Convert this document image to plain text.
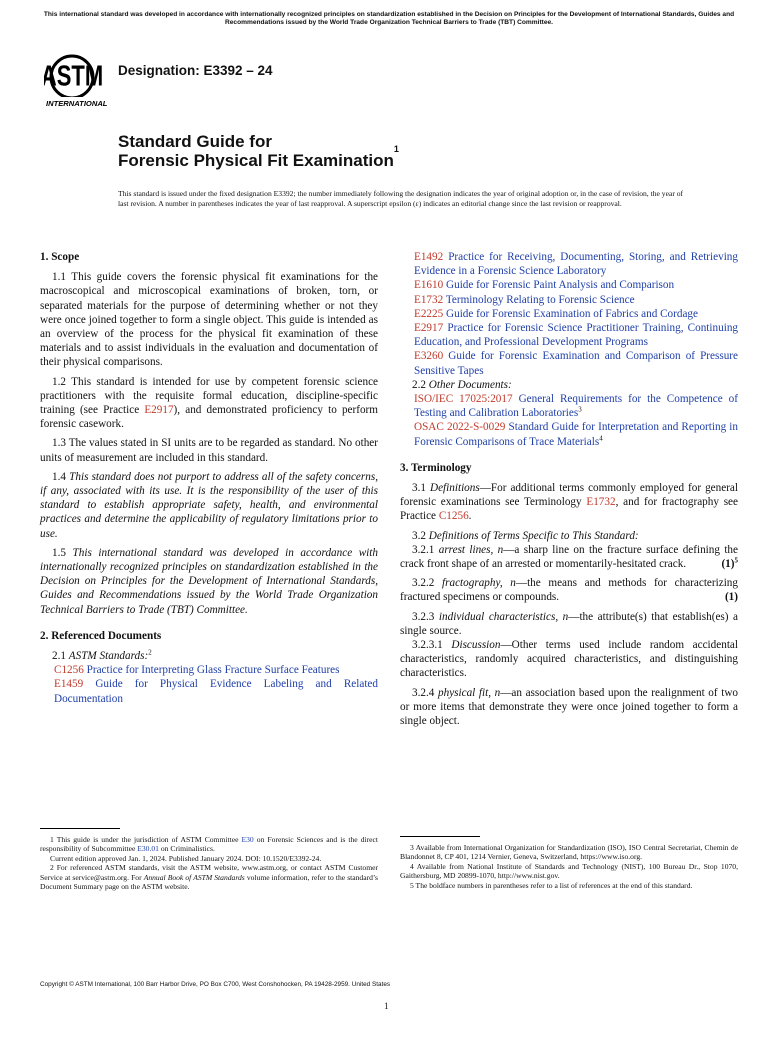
This international standard was developed in accordance with internationally recognized principles on standardization established in the Decision on Principles for the Development of International Standards, Guides and Recommendations issued by the World Trade Organization Technical Barriers to Trade (TBT) Committee.
ASTM
INTERNATIONAL
Designation: E3392 – 24
Standard Guide for
Forensic Physical Fit Examination$^1$
This standard is issued under the fixed designation E3392; the number immediately following the designation indicates the year of original adoption or, in the case of revision, the year of last revision. A number in parentheses indicates the year of last reapproval. A superscript epsilon (ε) indicates an editorial change since the last revision or reapproval.
1. Scope

1.1 This guide covers the forensic physical fit examinations for the macroscopical and microscopical examinations of broken, torn, or separated materials for the purpose of determining whether or not they were once joined together to form a single object. This guide is intended as an overview of the process for the physical fit examination of these materials and to assist individuals in the evaluation and documentation of their physical comparisons.

1.2 This standard is intended for use by competent forensic science practitioners with the requisite formal education, discipline-specific training (see Practice E2917), and demonstrated proficiency to perform forensic casework.

1.3 The values stated in SI units are to be regarded as standard. No other units of measurement are included in this standard.

1.4 This standard does not purport to address all of the safety concerns, if any, associated with its use. It is the responsibility of the user of this standard to establish appropriate safety, health, and environmental practices and determine the applicability of regulatory limitations prior to use.

1.5 This international standard was developed in accordance with internationally recognized principles on standardization established in the Decision on Principles for the Development of International Standards, Guides and Recommendations issued by the World Trade Organization Technical Barriers to Trade (TBT) Committee.

2. Referenced Documents

2.1 ASTM Standards:$^2$

C1256 Practice for Interpreting Glass Fracture Surface Features
E1459 Guide for Physical Evidence Labeling and Related Documentation
E1492 Practice for Receiving, Documenting, Storing, and Retrieving Evidence in a Forensic Science Laboratory
E1610 Guide for Forensic Paint Analysis and Comparison
E1732 Terminology Relating to Forensic Science
E2225 Guide for Forensic Examination of Fabrics and Cordage
E2917 Practice for Forensic Science Practitioner Training, Continuing Education, and Professional Development Programs
E3260 Guide for Forensic Examination and Comparison of Pressure Sensitive Tapes

2.2 Other Documents:

ISO/IEC 17025:2017 General Requirements for the Competence of Testing and Calibration Laboratories$^3$
OSAC 2022-S-0029 Standard Guide for Interpretation and Reporting in Forensic Comparisons of Trace Materials$^4$
3. Terminology

3.1 Definitions—For additional terms commonly employed for general forensic examinations see Terminology E1732, and for fractography see Practice C1256.

3.2 Definitions of Terms Specific to This Standard:

3.2.1 arrest lines, n—a sharp line on the fracture surface defining the crack front shape of an arrested or momentarily-hesitated crack.	$(1)^5$

3.2.2 fractography, n—the means and methods for characterizing fractured specimens or compounds.	(1)

3.2.3 individual characteristics, n—the attribute(s) that establish(es) a single source.

3.2.3.1 Discussion—Other terms used include random accidental characteristics, randomly acquired characteristics, and distinguishing characteristics.

3.2.4 physical fit, n—an association based upon the realignment of two or more items that demonstrate they were once joined together to form a single object.

1 This guide is under the jurisdiction of ASTM Committee E30 on Forensic Sciences and is the direct responsibility of Subcommittee E30.01 on Criminalistics.

Current edition approved Jan. 1, 2024. Published January 2024. DOI: 10.1520/E3392-24.

2 For referenced ASTM standards, visit the ASTM website, www.astm.org, or contact ASTM Customer Service at service@astm.org. For Annual Book of ASTM Standards volume information, refer to the standard’s Document Summary page on the ASTM website.

3 Available from International Organization for Standardization (ISO), ISO Central Secretariat, Chemin de Blandonnet 8, CP 401, 1214 Vernier, Geneva, Switzerland, https://www.iso.org.

4 Available from National Institute of Standards and Technology (NIST), 100 Bureau Dr., Stop 1070, Gaithersburg, MD 20899-1070, http://www.nist.gov.

5 The boldface numbers in parentheses refer to a list of references at the end of this standard.

Copyright © ASTM International, 100 Barr Harbor Drive, PO Box C700, West Conshohocken, PA 19428-2959. United States
1
